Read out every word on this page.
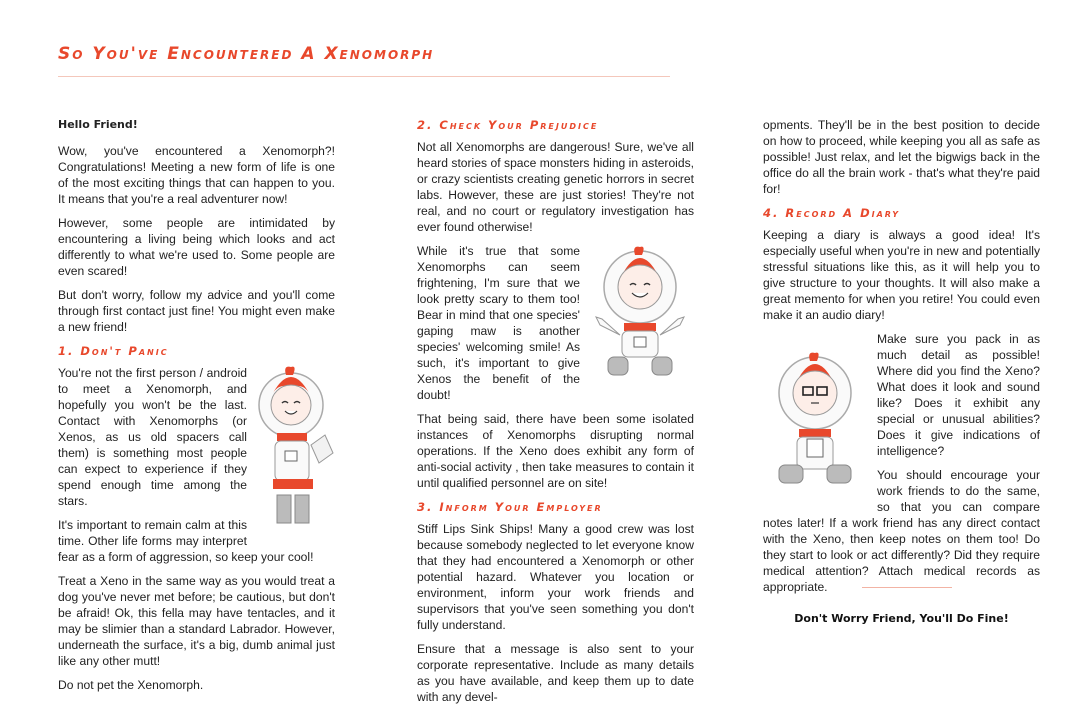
So You've Encountered A Xenomorph
Hello Friend!

Wow, you've encountered a Xenomorph?! Congratulations! Meeting a new form of life is one of the most exciting things that can happen to you. It means that you're a real adventurer now!

However, some people are intimidated by encountering a living being which looks and act differently to what we're used to. Some people are even scared!

But don't worry, follow my advice and you'll come through first contact just fine! You might even make a new friend!

1. Don't Panic

You're not the first person / android to meet a Xenomorph, and hopefully you won't be the last. Contact with Xenomorphs (or Xenos, as us old spacers call them) is something most people can expect to experience if they spend enough time among the stars.

It's important to remain calm at this time. Other life forms may interpret fear as a form of aggression, so keep your cool!

Treat a Xeno in the same way as you would treat a dog you've never met before; be cautious, but don't be afraid! Ok, this fella may have tentacles, and it may be slimier than a standard Labrador. However, underneath the surface, it's a big, dumb animal just like any other mutt!

Do not pet the Xenomorph.

2. Check Your Prejudice

Not all Xenomorphs are dangerous! Sure, we've all heard stories of space monsters hiding in asteroids, or crazy scientists creating genetic horrors in secret labs. However, these are just stories! They're not real, and no court or regulatory investigation has ever found otherwise!

While it's true that some Xenomorphs can seem frightening, I'm sure that we look pretty scary to them too! Bear in mind that one species' gaping maw is another species' welcoming smile! As such, it's important to give Xenos the benefit of the doubt!

That being said, there have been some isolated instances of Xenomorphs disrupting normal operations. If the Xeno does exhibit any form of anti-social activity , then take measures to contain it until qualified personnel are on site!

3. Inform Your Employer

Stiff Lips Sink Ships! Many a good crew was lost because somebody neglected to let everyone know that they had encountered a Xenomorph or other potential hazard. Whatever you location or environment, inform your work friends and supervisors that you've seen something you don't fully understand.

Ensure that a message is also sent to your corporate representative. Include as many details as you have available, and keep them up to date with any devel-

opments. They'll be in the best position to decide on how to proceed, while keeping you all as safe as possible! Just relax, and let the bigwigs back in the office do all the brain work - that's what they're paid for!

4. Record A Diary

Keeping a diary is always a good idea! It's especially useful when you're in new and potentially stressful situations like this, as it will help you to give structure to your thoughts. It will also make a great memento for when you retire! You could even make it an audio diary!

Make sure you pack in as much detail as possible! Where did you find the Xeno? What does it look and sound like? Does it exhibit any special or unusual abilities? Does it give indications of intelligence?

You should encourage your work friends to do the same, so that you can compare notes later! If a work friend has any direct contact with the Xeno, then keep notes on them too! Do they start to look or act differently? Did they require medical attention? Attach medical records as appropriate.

Don't Worry Friend, You'll Do Fine!
